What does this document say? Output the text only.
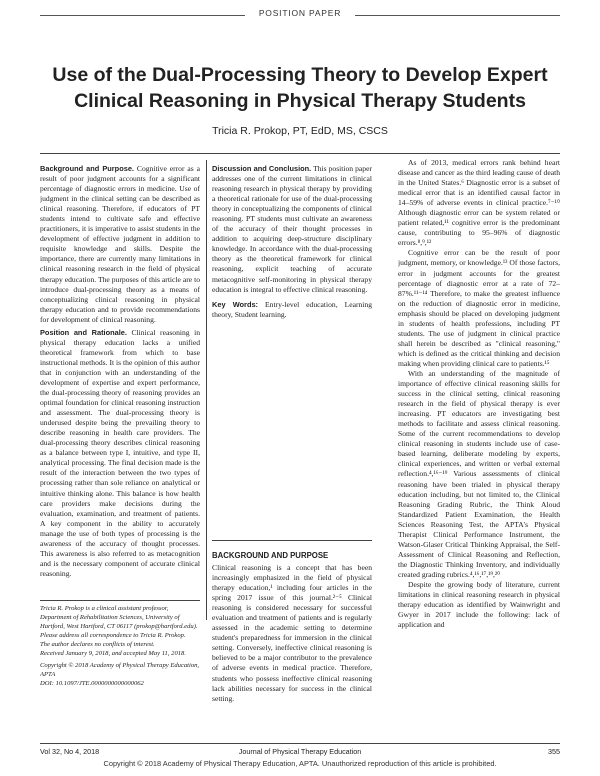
POSITION PAPER
Use of the Dual-Processing Theory to Develop Expert
Clinical Reasoning in Physical Therapy Students
Tricia R. Prokop, PT, EdD, MS, CSCS

Background and Purpose. Cognitive error as a result of poor judgment accounts for a significant percentage of diagnostic errors in medicine. Use of judgment in the clinical setting can be described as clinical reasoning. Therefore, if educators of PT students intend to cultivate safe and effective practitioners, it is imperative to assist students in the development of effective judgment in addition to requisite knowledge and skills. Despite the importance, there are currently many limitations in clinical reasoning research in the field of physical therapy education. The purposes of this article are to introduce dual-processing theory as a means of conceptualizing clinical reasoning in physical therapy education and to provide recommendations for development of clinical reasoning.

Position and Rationale. Clinical reasoning in physical therapy education lacks a unified theoretical framework from which to base instructional methods. It is the opinion of this author that in conjunction with an understanding of the development of expertise and expert performance, the dual-processing theory of reasoning provides an optimal foundation for clinical reasoning instruction and assessment. The dual-processing theory is underused despite being the prevailing theory to describe reasoning in health care providers. The dual-processing theory describes clinical reasoning as a balance between type I, intuitive, and type II, analytical processing. The final decision made is the result of the interaction between the two types of processing rather than sole reliance on analytical or intuitive thinking alone. This balance is how health care providers make decisions during the evaluation, examination, and treatment of patients. A key component in the ability to accurately manage the use of both types of processing is the awareness of the accuracy of thought processes. This awareness is also referred to as metacognition and is the necessary component of accurate clinical reasoning.

Discussion and Conclusion. This position paper addresses one of the current limitations in clinical reasoning research in physical therapy by providing a theoretical rationale for use of the dual-processing theory in conceptualizing the components of clinical reasoning. PT students must cultivate an awareness of the accuracy of their thought processes in addition to acquiring deep-structure disciplinary knowledge. In accordance with the dual-processing theory as the theoretical framework for clinical reasoning, explicit teaching of accurate metacognitive self-monitoring in physical therapy education is integral to effective clinical reasoning.

Key Words: Entry-level education, Learning theory, Student learning.

BACKGROUND AND PURPOSE

Clinical reasoning is a concept that has been increasingly emphasized in the field of physical therapy education,¹ including four articles in the spring 2017 issue of this journal.²⁻⁵ Clinical reasoning is considered necessary for successful evaluation and treatment of patients and is regularly assessed in the academic setting to determine student's preparedness for immersion in the clinical setting. Conversely, ineffective clinical reasoning is believed to be a major contributor to the prevalence of adverse events in medical practice. Therefore, students who possess ineffective clinical reasoning lack abilities necessary for success in the clinical setting.

Tricia R. Prokop is a clinical assistant professor, Department of Rehabilitation Sciences, University of Hartford, West Hartford, CT 06117 (prokop@hartford.edu). Please address all correspondence to Tricia R. Prokop.

The author declares no conflicts of interest.

Received January 9, 2018, and accepted May 11, 2018.

Copyright © 2018 Academy of Physical Therapy Education, APTA

DOI: 10.1097/JTE.0000000000000062

As of 2013, medical errors rank behind heart disease and cancer as the third leading cause of death in the United States.⁶ Diagnostic error is a subset of medical error that is an identified causal factor in 14–59% of adverse events in clinical practice.⁷⁻¹⁰ Although diagnostic error can be system related or patient related,¹¹ cognitive error is the predominant cause, contributing to 95–96% of diagnostic errors.⁸,⁹,¹²

Cognitive error can be the result of poor judgment, memory, or knowledge.¹³ Of those factors, error in judgment accounts for the greatest percentage of diagnostic error at a rate of 72–87%.¹¹⁻¹⁴ Therefore, to make the greatest influence on the reduction of diagnostic error in medicine, emphasis should be placed on developing judgment in students of health professions, including PT students. The use of judgment in clinical practice shall herein be described as "clinical reasoning," which is defined as the critical thinking and decision making when providing clinical care to patients.¹⁵

With an understanding of the magnitude of importance of effective clinical reasoning skills for success in the clinical setting, clinical reasoning research in the field of physical therapy is ever increasing. PT educators are investigating best methods to facilitate and assess clinical reasoning. Some of the current recommendations to develop clinical reasoning in students include use of case-based learning, deliberate modeling by experts, clinical experiences, and written or verbal external reflection.⁴,¹⁶⁻¹⁹ Various assessments of clinical reasoning have been trialed in physical therapy education including, but not limited to, the Clinical Reasoning Grading Rubric, the Think Aloud Standardized Patient Examination, the Health Sciences Reasoning Test, the APTA's Physical Therapist Clinical Performance Instrument, the Watson-Glaser Critical Thinking Appraisal, the Self-Assessment of Clinical Reasoning and Reflection, the Diagnostic Thinking Inventory, and individually created grading rubrics.⁴,¹⁶,¹⁷,¹⁹,²⁰

Despite the growing body of literature, current limitations in clinical reasoning research in physical therapy education as identified by Wainwright and Gwyer in 2017 include the following: lack of application and

Vol 32, No 4, 2018	Journal of Physical Therapy Education	355
Copyright © 2018 Academy of Physical Therapy Education, APTA. Unauthorized reproduction of this article is prohibited.
